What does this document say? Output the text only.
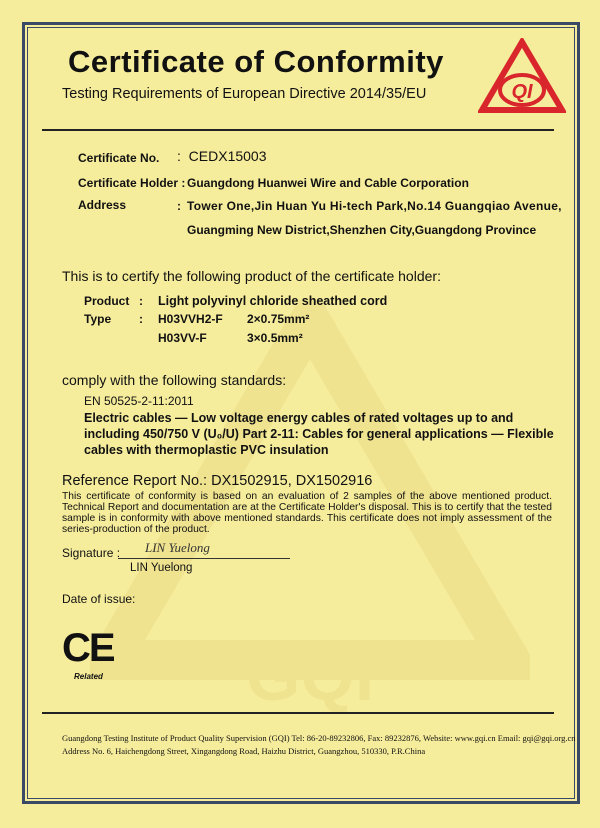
GQI
Certificate of Conformity
Testing Requirements of European Directive 2014/35/EU	QI
Certificate No. :  CEDX15003
Certificate Holder : Guangdong Huanwei Wire and Cable Corporation
Address	: Tower One,Jin Huan Yu Hi-tech Park,No.14 Guangqiao Avenue,
Guangming New District,Shenzhen City,Guangdong Province
This is to certify the following product of the certificate holder:
Product : Light polyvinyl chloride sheathed cord
Type : H03VVH2-F 2×0.75mm²
H03VV-F	3×0.5mm²
comply with the following standards:
EN 50525-2-11:2011
Electric cables — Low voltage energy cables of rated voltages up to and including 450/750 V (U₀/U) Part 2-11: Cables for general applications — Flexible cables with thermoplastic PVC insulation
Reference Report No.: DX1502915, DX1502916
This certificate of conformity is based on an evaluation of 2 samples of the above mentioned product. Technical Report and documentation are at the Certificate Holder's disposal. This is to certify that the tested sample is in conformity with above mentioned standards. This certificate does not imply assessment of the series-production of the product.
Signature : LIN Yuelong
LIN Yuelong
Date of issue:
CE
Related
Guangdong Testing Institute of Product Quality Supervision (GQI) Tel: 86-20-89232806, Fax: 89232876, Website: www.gqi.cn Email: gqi@gqi.org.cn
Address No. 6, Haichengdong Street, Xingangdong Road, Haizhu District, Guangzhou, 510330, P.R.China
